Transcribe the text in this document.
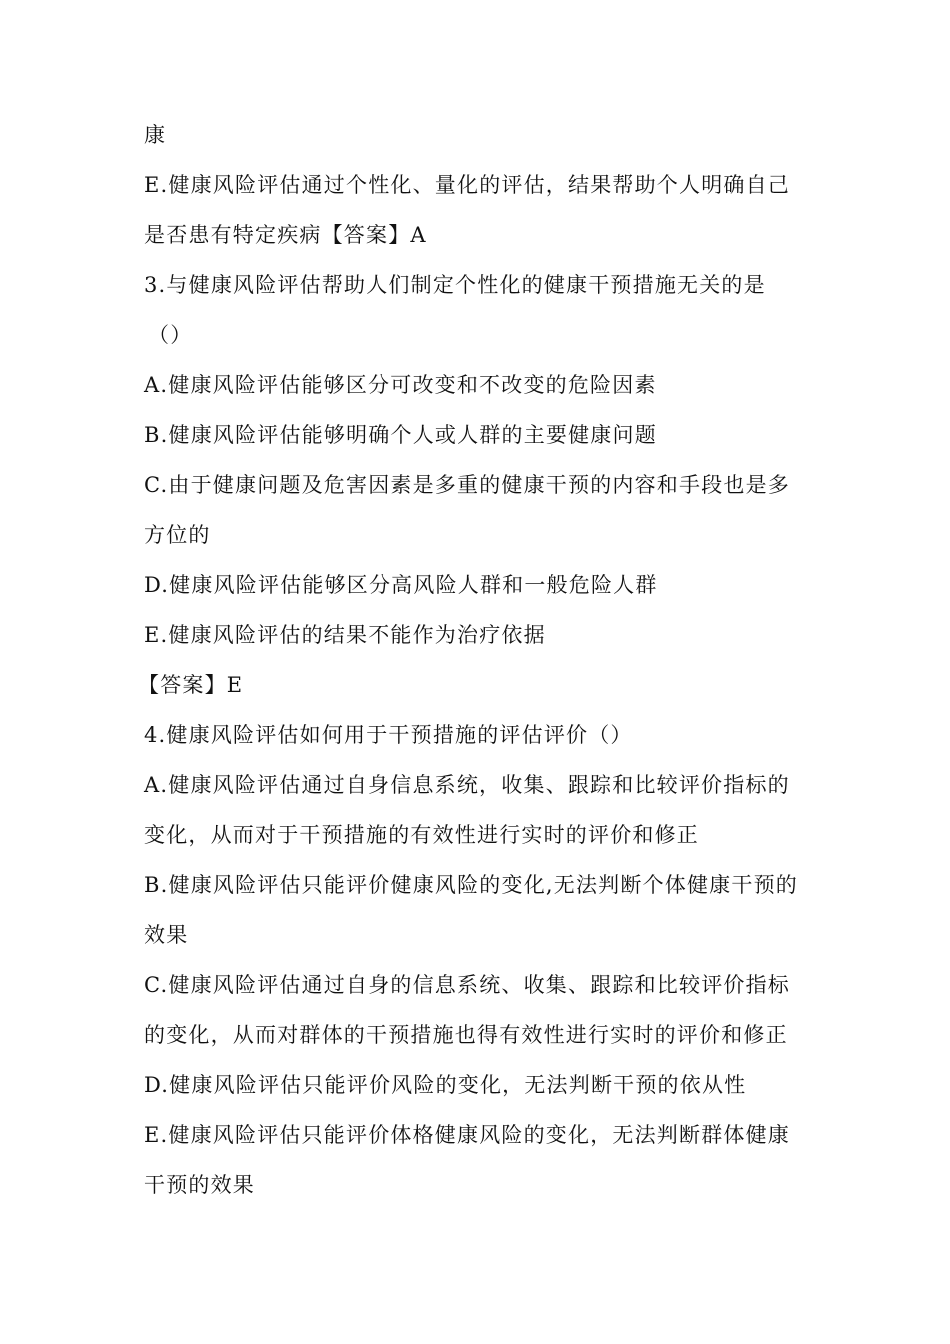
康
E.健康风险评估通过个性化、量化的评估，结果帮助个人明确自己
是否患有特定疾病【答案】A
3.与健康风险评估帮助人们制定个性化的健康干预措施无关的是
（）
A.健康风险评估能够区分可改变和不改变的危险因素
B.健康风险评估能够明确个人或人群的主要健康问题
C.由于健康问题及危害因素是多重的健康干预的内容和手段也是多
方位的
D.健康风险评估能够区分高风险人群和一般危险人群
E.健康风险评估的结果不能作为治疗依据
【答案】E
4.健康风险评估如何用于干预措施的评估评价（）
A.健康风险评估通过自身信息系统，收集、跟踪和比较评价指标的
变化，从而对于干预措施的有效性进行实时的评价和修正
B.健康风险评估只能评价健康风险的变化,无法判断个体健康干预的
效果
C.健康风险评估通过自身的信息系统、收集、跟踪和比较评价指标
的变化，从而对群体的干预措施也得有效性进行实时的评价和修正
D.健康风险评估只能评价风险的变化，无法判断干预的依从性
E.健康风险评估只能评价体格健康风险的变化，无法判断群体健康
干预的效果
